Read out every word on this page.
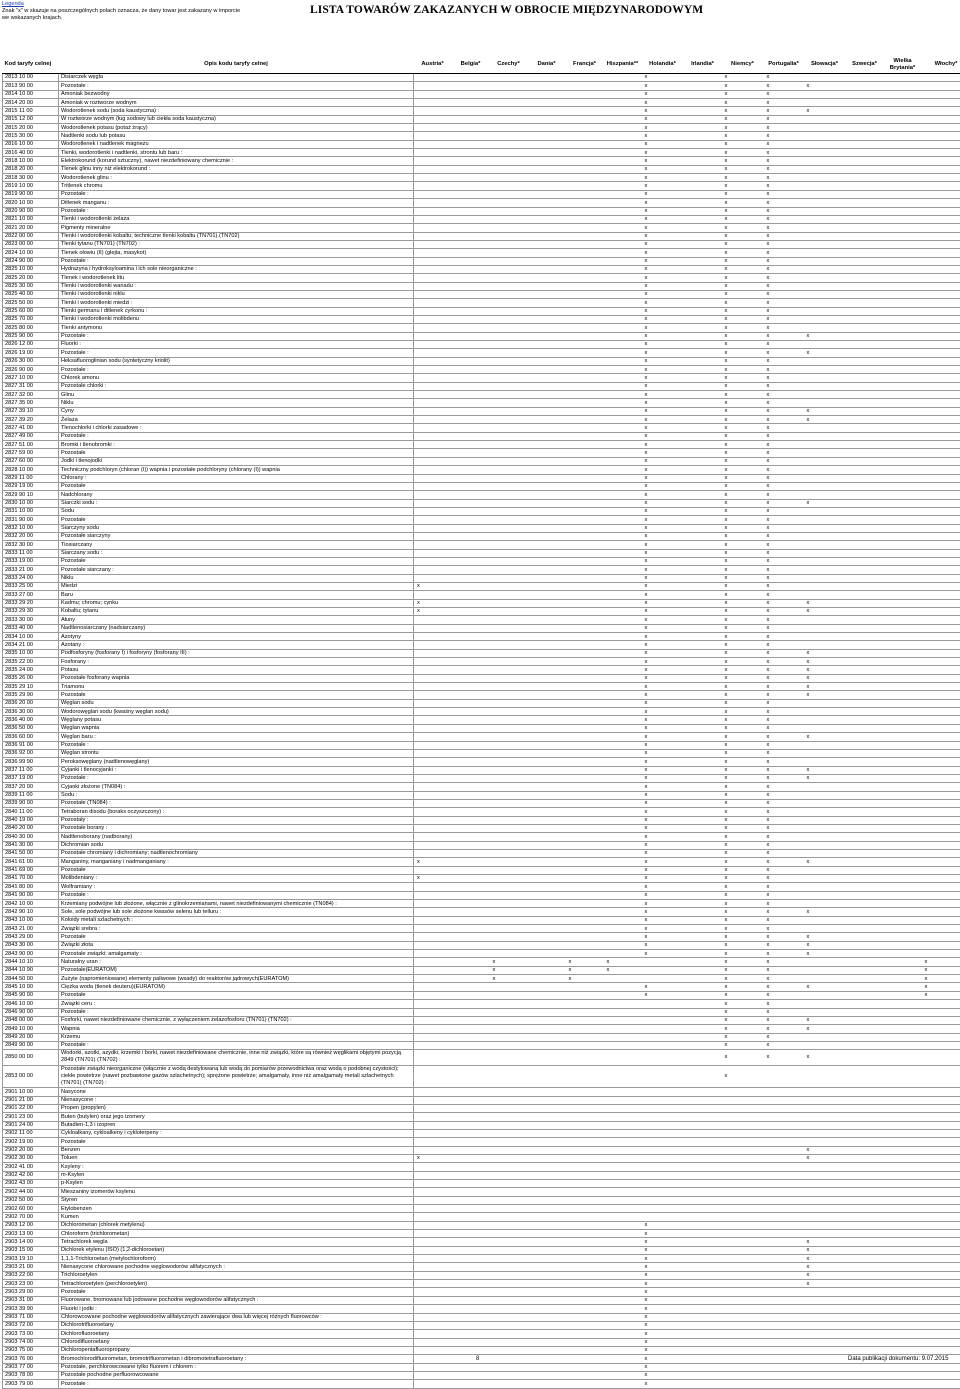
Legenda
Znak "x" w skazuje na poszczególnych polach oznacza, że dany towar jest zakazany w imporcie we wskazanych krajach.
LISTA TOWARÓW ZAKAZANYCH W OBROCIE MIĘDZYNARODOWYM
Kod taryfy celnej	Opis kodu taryfy celnej	Austria*	Belgia*	Czechy*	Dania*	Francja*	Hiszpania**	Holandia*	Irlandia*	Niemcy*	Portugalia*	Słowacja*	Szwecja*	Wielka Brytania*	Włochy*
2813 10 00	Disiarczek węgla							x		x	x				
2813 90 00	Pozostałe :							x		x	x	x			
2814 10 00	Amoniak bezwodny							x		x	x				
2814 20 00	Amoniak w roztworze wodnym							x		x	x				
2815 11 00	Wodorotlenek sodu (soda kaustyczna) :							x		x	x	x			
2815 12 00	W roztworze wodnym (ług sodowy lub ciekła soda kaustyczna)							x		x	x				
2815 20 00	Wodorotlenek potasu (potaż żrący)							x		x	x				
2815 30 00	Nadtlenki sodu lub potasu							x		x	x				
2816 10 00	Wodorotlenek i nadtlenek magnezu							x		x	x				
2816 40 00	Tlenki, wodorotlenki i nadtlenki, strontu lub baru :							x		x	x				
2818 10 00	Elektrokorund (korund sztuczny), nawet niezdefiniowany chemicznie :							x		x	x				
2818 20 00	Tlenek glinu inny niż elektrokorund :							x		x	x				
2818 30 00	Wodorotlenek glinu :							x		x	x				
2819 10 00	Tritlenek chromu							x		x	x				
2819 90 00	Pozostałe :							x		x	x				
2820 10 00	Ditlenek manganu :							x		x	x				
2820 90 00	Pozostałe :							x		x	x				
2821 10 00	Tlenki i wodorotlenki żelaza							x		x	x				
2821 20 00	Pigmenty mineralne							x		x	x				
2822 00 00	Tlenki i wodorotlenki kobaltu; techniczne tlenki kobaltu (TN701) (TN702)							x		x	x				
2823 00 00	Tlenki tytanu (TN701) (TN702) :							x		x	x				
2824 10 00	Tlenek ołowiu (II) (glejta, masykot)							x		x	x				
2824 90 00	Pozostałe :							x		x	x				
2825 10 00	Hydrazyna i hydroksyloamina i ich sole nieorganiczne :							x		x	x				
2825 20 00	Tlenek i wodorotlenek litu							x		x	x				
2825 30 00	Tlenki i wodorotlenki wanadu :							x		x	x				
2825 40 00	Tlenki i wodorotlenki niklu							x		x	x				
2825 50 00	Tlenki i wodorotlenki miedzi :							x		x	x				
2825 60 00	Tlenki germanu i ditlenek cyrkonu :							x		x	x				
2825 70 00	Tlenki i wodorotlenki molibdenu							x		x	x				
2825 80 00	Tlenki antymonu							x		x	x				
2825 90 00	Pozostałe :							x		x	x	x			
2826 12 00	Fluorki :							x		x	x				
2826 19 00	Pozostałe :							x		x	x	x			
2826 30 00	Heksafluoroglinian sodu (syntetyczny kriolit)							x		x	x				
2826 90 00	Pozostałe :							x		x	x				
2827 10 00	Chlorek amonu							x		x	x				
2827 31 00	Pozostałe chlorki :							x		x	x				
2827 32 00	Glinu							x		x	x				
2827 35 00	Niklu							x		x	x				
2827 39 10	Cyny							x		x	x	x			
2827 39 20	Żelaza							x		x	x	x			
2827 41 00	Tlenochlorki i chlorki zasadowe :							x		x	x				
2827 49 00	Pozostałe :							x		x	x				
2827 51 00	Bromki i tlenobromki :							x		x	x				
2827 59 00	Pozostałe							x		x	x				
2827 60 00	Jodki i tlenojodki							x		x	x				
2828 10 00	Techniczny podchloryn (chloran (I)) wapnia i pozostałe podchloryny (chlorany (I)) wapnia							x		x	x				
2829 11 00	Chlorany :							x		x	x				
2829 19 00	Pozostałe							x		x	x				
2829 90 10	Nadchlorany							x		x	x				
2830 10 00	Siarczki sodu :							x		x	x	x			
2831 10 00	Sodu							x		x	x				
2831 90 00	Pozostałe							x		x	x				
2832 10 00	Siarczyny sodu							x		x	x				
2832 20 00	Pozostałe siarczyny							x		x	x				
2832 30 00	Tiosiarczany							x		x	x				
2833 11 00	Siarczany sodu :							x		x	x				
2833 19 00	Pozostałe							x		x	x				
2833 21 00	Pozostałe siarczany :							x		x	x				
2833 24 00	Niklu							x		x	x				
2833 25 00	Miedzi	x						x		x	x				
2833 27 00	Baru							x		x	x				
2833 29 20	Kadmu; chromu; cynku	x						x		x	x	x			
2833 29 30	Kobaltu; tytanu	x						x		x	x	x			
2833 30 00	Ałuny							x		x	x				
2833 40 00	Nadtlenosiarczany (nadsiarczany)							x		x	x				
2834 10 00	Azotyny							x		x	x				
2834 21 00	Azotany :							x		x	x				
2835 10 00	Podfosforyny (fosforany I) i fosforyny (fosforany III) :							x		x	x	x			
2835 22 00	Fosforany :							x		x	x	x			
2835 24 00	Potasu							x		x	x	x			
2835 26 00	Pozostałe fosforany wapnia							x		x	x	x			
2835 29 10	Triamonu							x		x	x	x			
2835 29 90	Pozostałe							x		x	x	x			
2836 20 00	Węglan sodu							x		x	x				
2836 30 00	Wodorowęglan sodu (kwaśny węglan sodu)							x		x	x				
2836 40 00	Węglany potasu							x		x	x				
2836 50 00	Węglan wapnia							x		x	x				
2836 60 00	Węglan baru :							x		x	x	x			
2836 91 00	Pozostałe :							x		x	x				
2836 92 00	Węglan strontu							x		x	x				
2836 99 90	Peroksowęglany (nadtlenowęglany)							x		x	x				
2837 11 00	Cyjanki i tlenocyjanki :							x		x	x	x			
2837 19 00	Pozostałe :							x		x	x	x			
2837 20 00	Cyjanki złożone (TN084) :							x		x	x				
2839 11 00	Sodu :							x		x	x				
2839 90 00	Pozostałe (TN084) :							x		x	x				
2840 11 00	Tetraboran disodu (boraks oczyszczony) :							x		x	x				
2840 19 00	Pozostały :							x		x	x				
2840 20 00	Pozostałe borany :							x		x	x				
2840 30 00	Nadtlenoborany (nadborany)							x		x	x				
2841 30 00	Dichromian sodu							x		x	x				
2841 50 00	Pozostałe chromiany i dichromiany; nadtlenochromiany							x		x	x				
2841 61 00	Manganiny, manganiany i nadmanganiany :	x						x		x	x	x			
2841 69 00	Pozostałe							x		x	x				
2841 70 00	Molibdeniany :	x						x		x	x				
2841 80 00	Wolframiany :							x		x	x				
2841 90 00	Pozostałe :							x		x	x				
2842 10 00	Krzemiany podwójne lub złożone, włącznie z glinokrzemianami, nawet niezdefiniowanymi chemicznie (TN084) :							x		x	x				
2842 90 10	Sole, sole podwójne lub sole złożone kwasów selenu lub telluru :							x		x	x	x			
2843 10 00	Koloidy metali szlachetnych :							x		x	x				
2843 21 00	Związki srebra :							x		x	x				
2843 29 00	Pozostałe							x		x	x	x			
2843 30 00	Związki złota							x		x	x	x			
2843 90 00	Pozostałe związki; amalgamaty :							x		x	x	x			
2844 10 10	Naturalny uran :			x		x	x			x	x				x
2844 10 90	Pozostałe(EURATOM)			x		x	x			x	x				x
2844 50 00	Zużyte (napromieniowane) elementy paliwowe (wsady) do reaktorów jądrowych(EURATOM)			x		x				x	x				x
2845 10 00	Ciężka woda (tlenek deuteru)(EURATOM)							x		x	x	x			x
2845 90 00	Pozostałe							x		x	x				x
2846 10 00	Związki ceru :									x	x				
2846 90 00	Pozostałe :									x	x				
2848 00 00	Fosforki, nawet niezdefiniowane chemicznie, z wyłączeniem żelazofosforu (TN701) (TN702) :									x	x	x			
2849 10 00	Wapnia									x	x	x			
2849 20 00	Krzemu									x	x				
2849 90 00	Pozostałe :									x	x				
2850 00 00	Wodorki, azotki, azydki, krzemki i borki, nawet niezdefiniowane chemicznie, inne niż związki, które są również węglikami objętymi pozycją 2849 (TN701) (TN702) :									x	x	x			
2853 00 00	Pozostałe związki nieorganiczne (włącznie z wodą destylowaną lub wodą do pomiarów przewodnictwa oraz wodą o podobnej czystości); ciekłe powietrze (nawet pozbawione gazów szlachetnych); sprężone powietrze; amalgamaty, inne niż amalgamaty metali szlachetnych (TN701) (TN702) :									x					
2901 10 00	Nasycone														
2901 21 00	Nienasycone :														
2901 22 00	Propen (propylen)														
2901 23 00	Buten (butylen) oraz jego izomery														
2901 24 00	Butadien-1,3 i izopren														
2902 11 00	Cykloalkany, cykloalkeny i cykloterpeny :														
2902 19 00	Pozostałe														
2902 20 00	Benzen											x			
2902 30 00	Toluen	x										x			
2902 41 00	Ksyleny :														
2902 42 00	m-Ksylen														
2902 43 00	p-Ksylen														
2902 44 00	Mieszaniny izomerów ksylenu														
2902 50 00	Styren														
2902 60 00	Etylobenzen														
2902 70 00	Kumen														
2903 12 00	Dichlorometan (chlorek metylenu)							x							
2903 13 00	Chloroform (trichlorometan)							x							
2903 14 00	Tetrachlorek węgla							x				x			
2903 15 00	Dichlorek etylenu (ISO) (1,2-dichloroetan)							x				x			
2903 19 10	1,1,1-Trichloroetan (metylochloroform)							x				x			
2903 21 00	Nienasycone chlorowane pochodne węglowodorów alifatycznych :							x				x			
2903 22 00	Trichloroetylen							x				x			
2903 23 00	Tetrachloroetylen (perchloroetylen)							x				x			
2903 29 00	Pozostałe							x							
2903 31 00	Fluorowane, bromowane lub jodowane pochodne węglowodorów alifatycznych :							x							
2903 39 90	Fluorki i jodki :							x							
2903 71 00	Chlorowcowane pochodne węglowodorów alifatycznych zawierające dwa lub więcej różnych fluorowców :							x							
2903 72 00	Dichlorotrifluoroetany							x							
2903 73 00	Dichlorofluoroetany							x							
2903 74 00	Chlorodifluoroetany							x							
2903 75 00	Dichloropentafluoropropany							x							
2903 76 00	Bromochlorodifluorometan, bromotrifluorometan i dibromotetrafluoroetany :							x							
2903 77 00	Pozostałe, perchlorowcowane tylko fluorem i chlorem :							x							
2903 78 00	Pozostałe pochodne perfluorowcowane							x							
2903 79 00	Pozostałe :							x							
8	Data publikacji dokumentu: 9.07.2015
